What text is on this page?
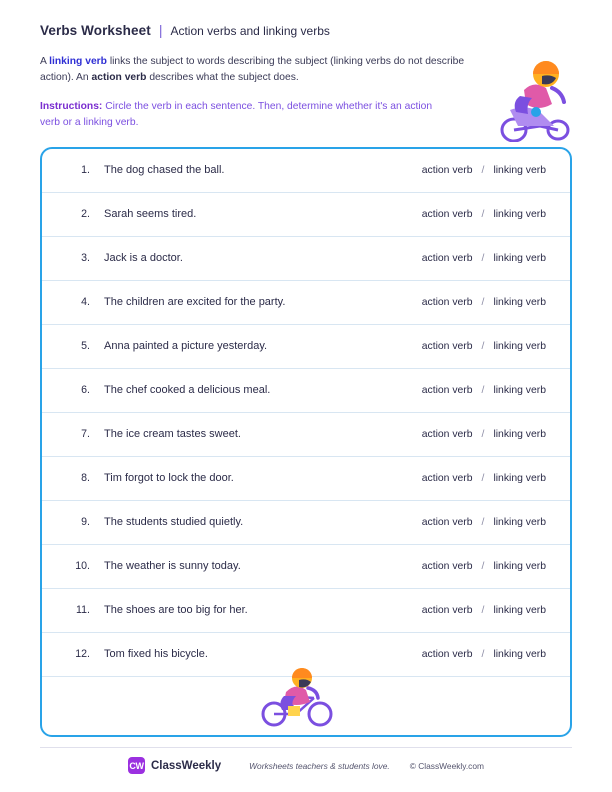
Verbs Worksheet | Action verbs and linking verbs
A linking verb links the subject to words describing the subject (linking verbs do not describe action). An action verb describes what the subject does.
Instructions: Circle the verb in each sentence. Then, determine whether it's an action verb or a linking verb.
1 .	The dog chased the ball.	action verb / linking verb
2 .	Sarah seems tired.	action verb / linking verb
3 .	Jack is a doctor.	action verb / linking verb
4 .	The children are excited for the party.	action verb / linking verb
5 .	Anna painted a picture yesterday.	action verb / linking verb
6 .	The chef cooked a delicious meal.	action verb / linking verb
7 .	The ice cream tastes sweet.	action verb / linking verb
8 .	Tim forgot to lock the door.	action verb / linking verb
9 .	The students studied quietly.	action verb / linking verb
10 .	The weather is sunny today.	action verb / linking verb
11 .	The shoes are too big for her.	action verb / linking verb
12 .	Tom fixed his bicycle.	action verb / linking verb
CW ClassWeekly	Worksheets teachers & students love. © ClassWeekly.com
